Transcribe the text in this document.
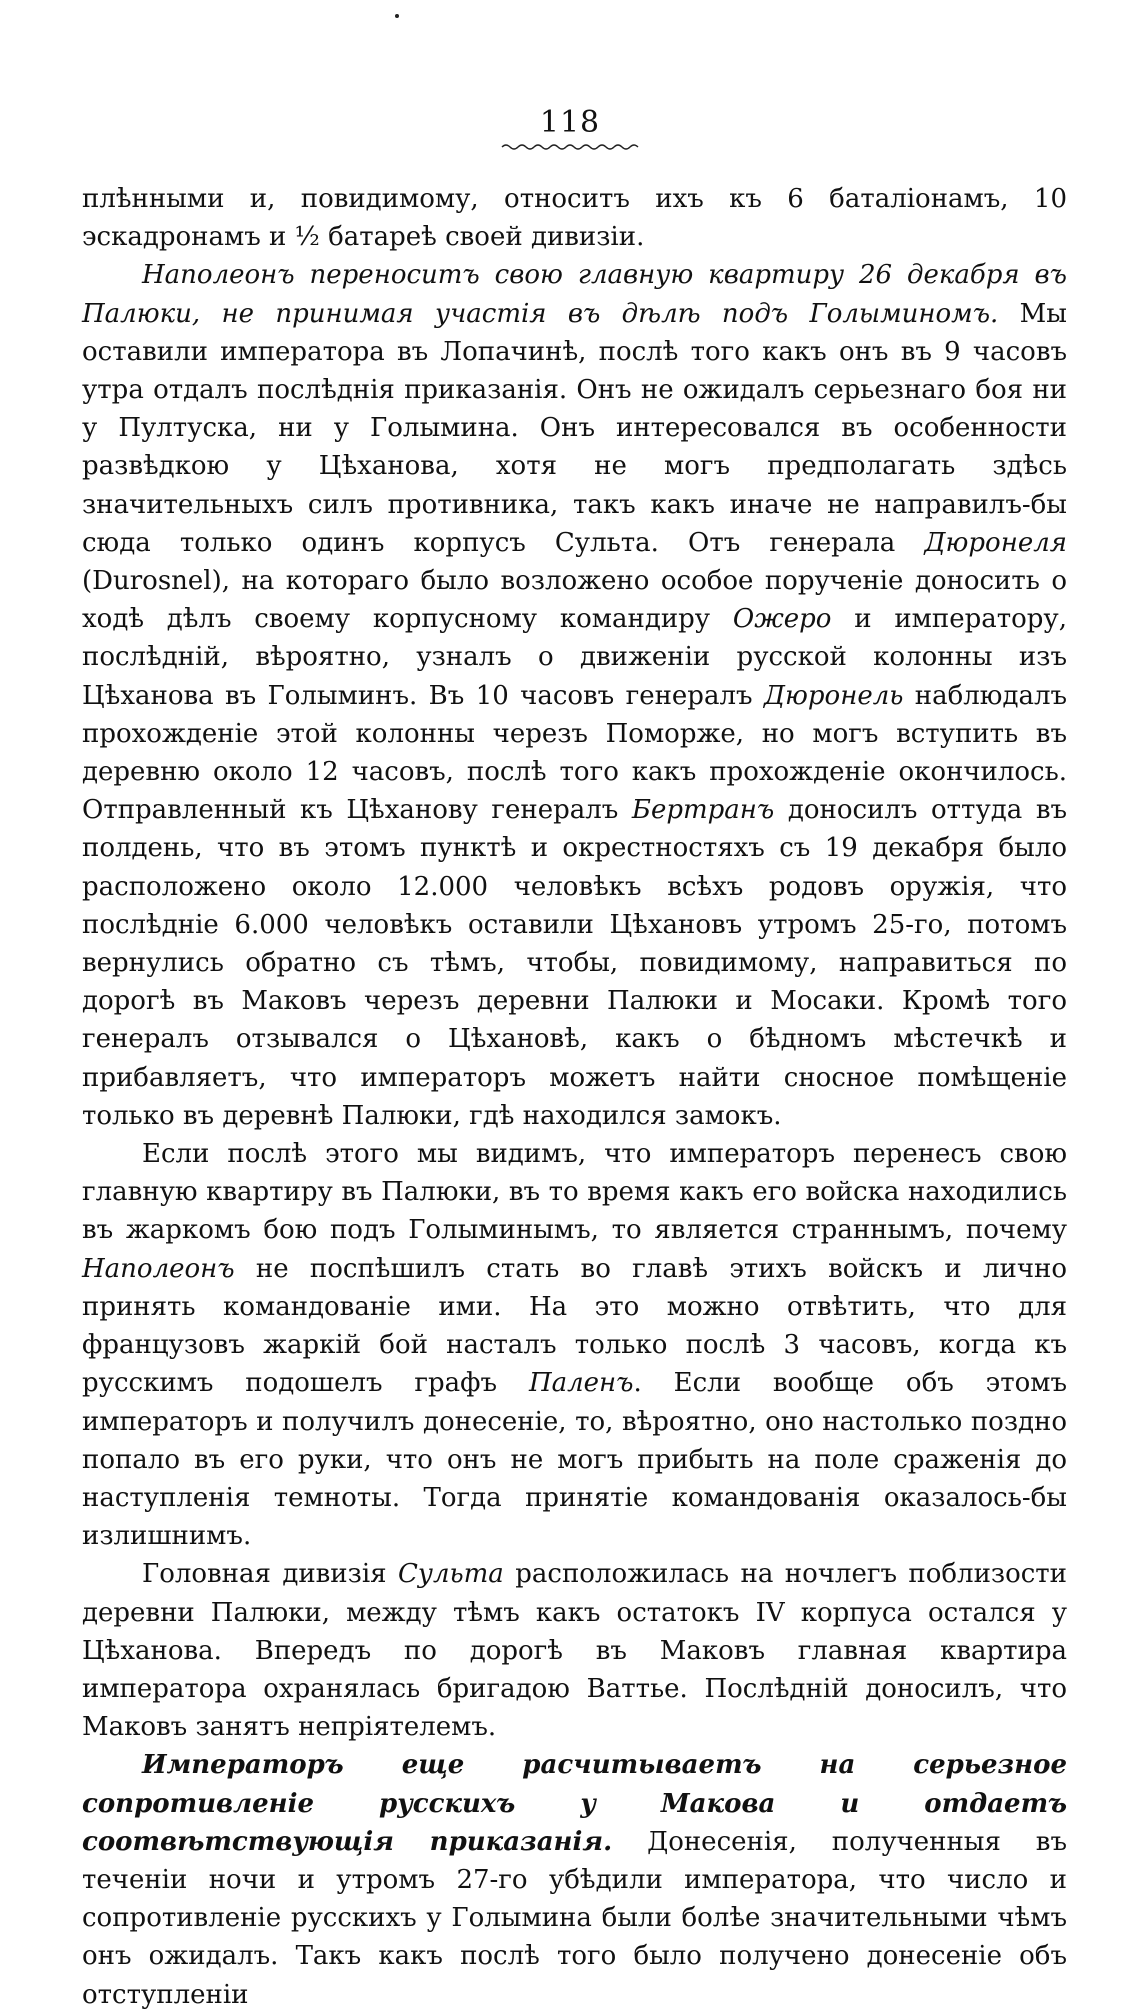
118

плѣнными и, повидимому, относитъ ихъ къ 6 баталіонамъ, 10 эскадронамъ и ½ батареѣ своей дивизіи.

Наполеонъ переноситъ свою главную квартиру 26 декабря въ Палюки, не принимая участія въ дѣлѣ подъ Голыминомъ. Мы оставили императора въ Лопачинѣ, послѣ того какъ онъ въ 9 часовъ утра отдалъ послѣднія приказанія. Онъ не ожидалъ серьезнаго боя ни у Пултуска, ни у Голымина. Онъ интересовался въ особенности развѣдкою у Цѣханова, хотя не могъ предполагать здѣсь значительныхъ силъ противника, такъ какъ иначе не направилъ-бы сюда только одинъ корпусъ Сульта. Отъ генерала Дюронеля (Durosnel), на котораго было возложено особое порученіе доносить о ходѣ дѣлъ своему корпусному командиру Ожеро и императору, послѣдній, вѣроятно, узналъ о движеніи русской колонны изъ Цѣханова въ Голыминъ. Въ 10 часовъ генералъ Дюронель наблюдалъ прохожденіе этой колонны черезъ Поморже, но могъ вступить въ деревню около 12 часовъ, послѣ того какъ прохожденіе окончилось. Отправленный къ Цѣханову генералъ Бертранъ доносилъ оттуда въ полдень, что въ этомъ пунктѣ и окрестностяхъ съ 19 декабря было расположено около 12.000 человѣкъ всѣхъ родовъ оружія, что послѣдніе 6.000 человѣкъ оставили Цѣхановъ утромъ 25-го, потомъ вернулись обратно съ тѣмъ, чтобы, повидимому, направиться по дорогѣ въ Маковъ черезъ деревни Палюки и Мосаки. Кромѣ того генералъ отзывался о Цѣхановѣ, какъ о бѣдномъ мѣстечкѣ и прибавляетъ, что императоръ можетъ найти сносное помѣщеніе только въ деревнѣ Палюки, гдѣ находился замокъ.

Если послѣ этого мы видимъ, что императоръ перенесъ свою главную квартиру въ Палюки, въ то время какъ его войска находились въ жаркомъ бою подъ Голыминымъ, то является страннымъ, почему Наполеонъ не поспѣшилъ стать во главѣ этихъ войскъ и лично принять командованіе ими. На это можно отвѣтить, что для французовъ жаркій бой насталъ только послѣ 3 часовъ, когда къ русскимъ подошелъ графъ Паленъ. Если вообще объ этомъ императоръ и получилъ донесеніе, то, вѣроятно, оно настолько поздно попало въ его руки, что онъ не могъ прибыть на поле сраженія до наступленія темноты. Тогда принятіе командованія оказалось-бы излишнимъ.

Головная дивизія Сульта расположилась на ночлегъ поблизости деревни Палюки, между тѣмъ какъ остатокъ IV корпуса остался у Цѣханова. Впередъ по дорогѣ въ Маковъ главная квартира императора охранялась бригадою Ваттье. Послѣдній доносилъ, что Маковъ занятъ непріятелемъ.

Императоръ еще расчитываетъ на серьезное сопротивленіе русскихъ у Макова и отдаетъ соотвѣтствующія приказанія. Донесенія, полученныя въ теченіи ночи и утромъ 27-го убѣдили императора, что число и сопротивленіе русскихъ у Голымина были болѣе значительными чѣмъ онъ ожидалъ. Такъ какъ послѣ того было получено донесеніе объ отступленіи
